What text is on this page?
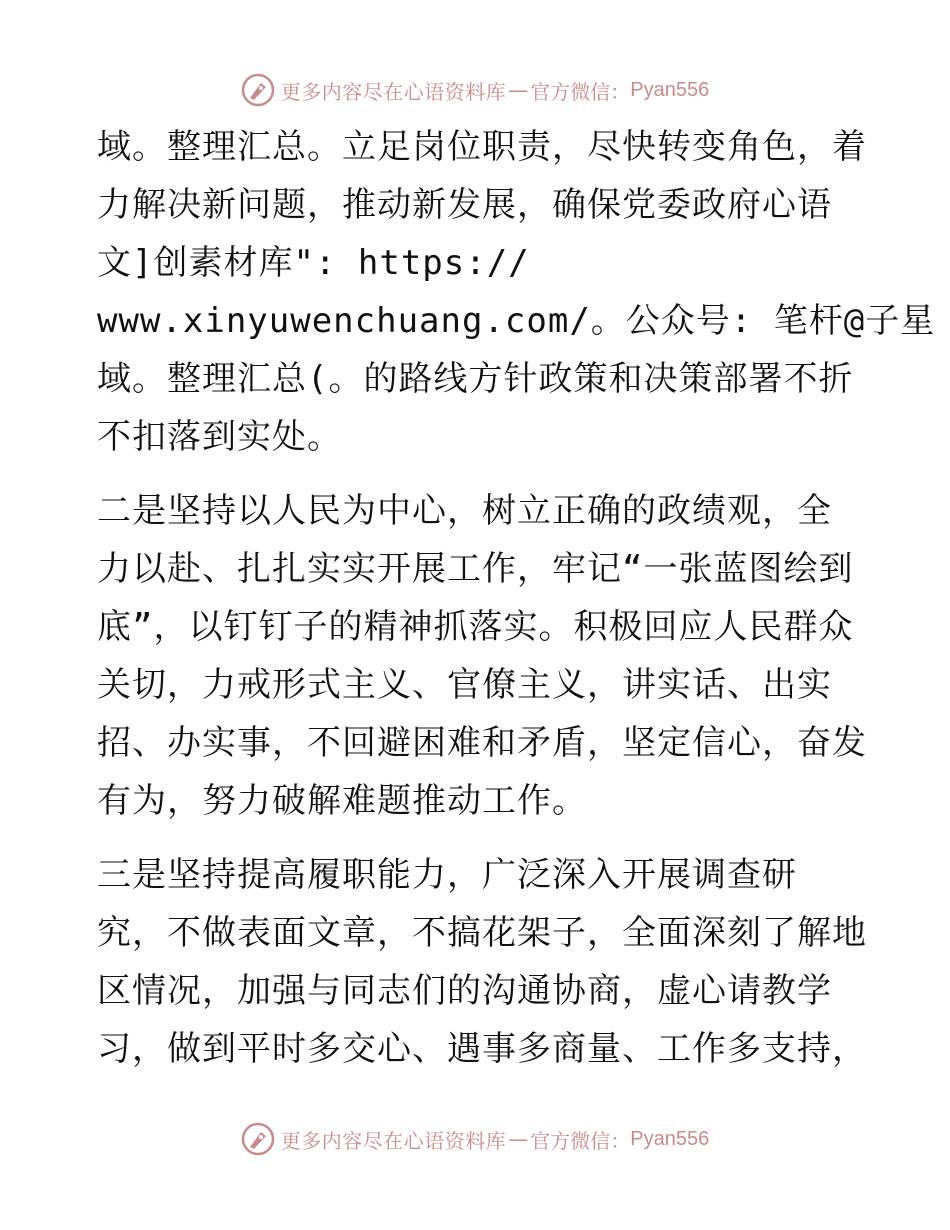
更多内容尽在心语资料库 — 官方微信： Pyan556
域。整理汇总。立足岗位职责，尽快转变角色，着
力解决新问题，推动新发展，确保党委政府心语
文]创素材库": https://
www.xinyuwenchuang.com/。公众号: 笔杆@子星
域。整理汇总(。的路线方针政策和决策部署不折
不扣落到实处。
二是坚持以人民为中心，树立正确的政绩观，全
力以赴、扎扎实实开展工作，牢记“一张蓝图绘到
底”，以钉钉子的精神抓落实。积极回应人民群众
关切，力戒形式主义、官僚主义，讲实话、出实
招、办实事，不回避困难和矛盾，坚定信心，奋发
有为，努力破解难题推动工作。
三是坚持提高履职能力，广泛深入开展调查研
究，不做表面文章，不搞花架子，全面深刻了解地
区情况，加强与同志们的沟通协商，虚心请教学
习，做到平时多交心、遇事多商量、工作多支持，
更多内容尽在心语资料库 — 官方微信： Pyan556
